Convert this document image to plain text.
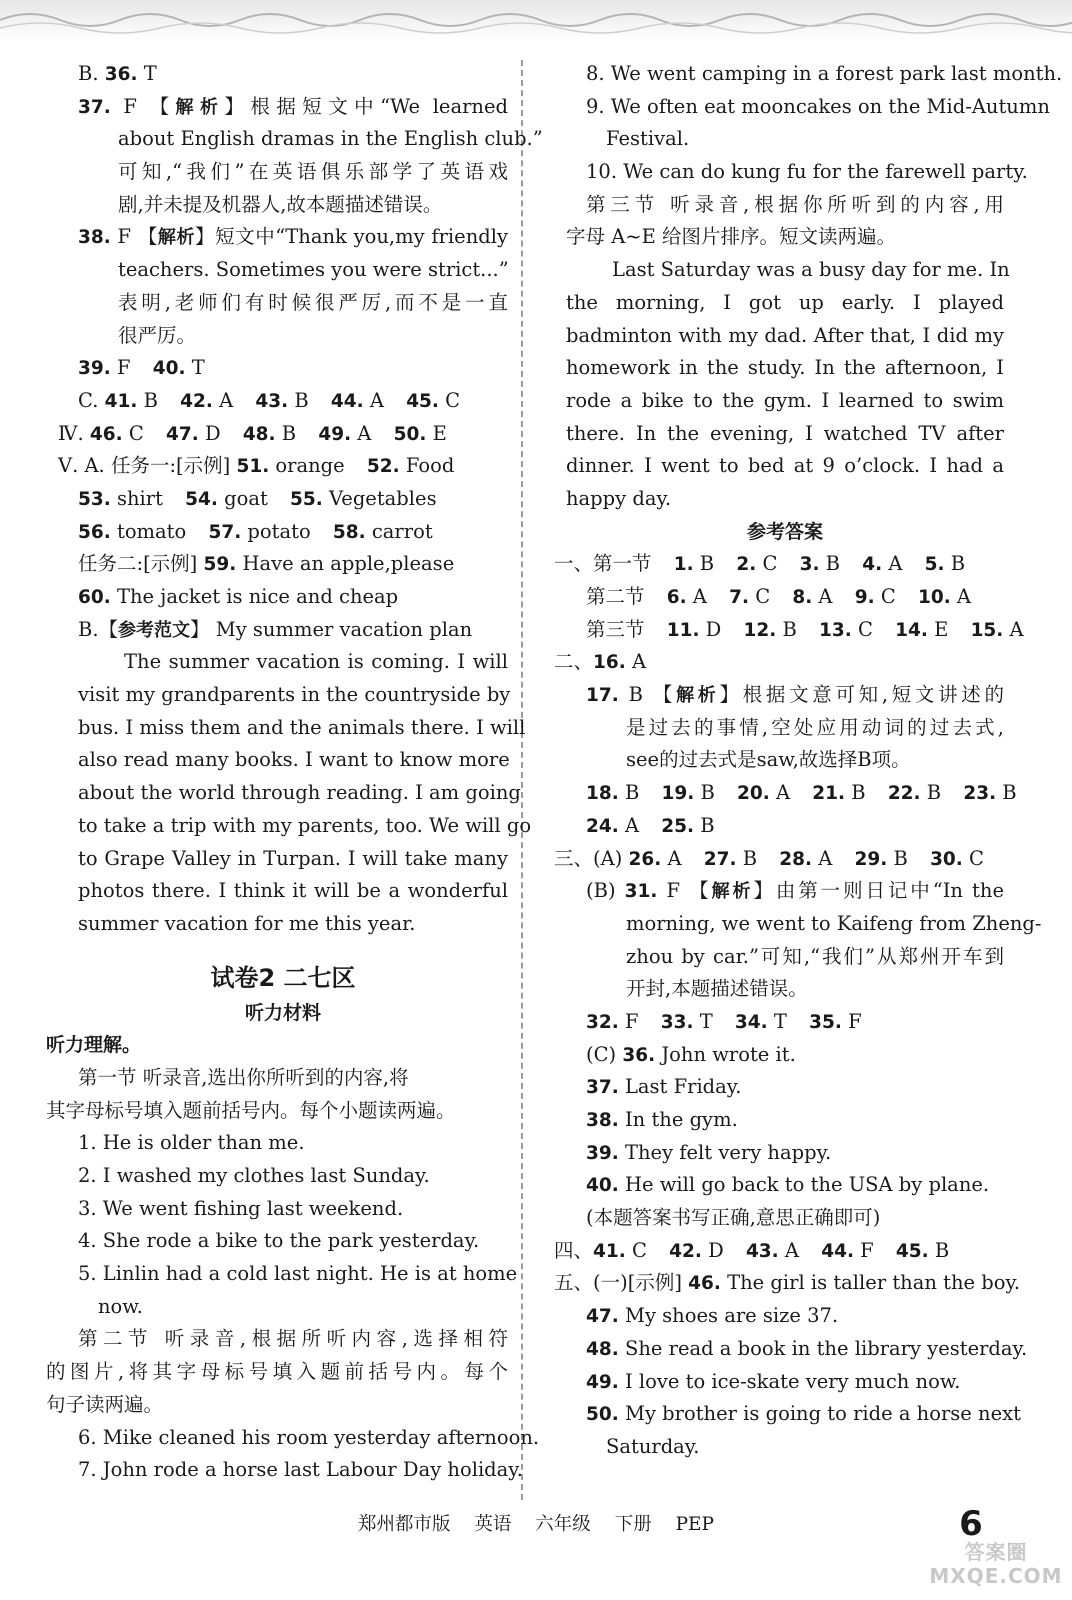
B. 36. T
37. F 【解析】根据短文中“We learned
about English dramas in the English club.”
可知,“我们”在英语俱乐部学了英语戏
剧,并未提及机器人,故本题描述错误。
38. F 【解析】短文中“Thank you,my friendly
teachers. Sometimes you were strict...”
表明,老师们有时候很严厉,而不是一直
很严厉。
39. F 40. T
C. 41. B 42. A 43. B 44. A 45. C
Ⅳ. 46. C 47. D 48. B 49. A 50. E
Ⅴ. A. 任务一:[示例] 51. orange 52. Food
53. shirt 54. goat 55. Vegetables
56. tomato 57. potato 58. carrot
任务二:[示例] 59. Have an apple,please
60. The jacket is nice and cheap
B.【参考范文】 My summer vacation plan
The summer vacation is coming. I will
visit my grandparents in the countryside by
bus. I miss them and the animals there. I will
also read many books. I want to know more
about the world through reading. I am going
to take a trip with my parents, too. We will go
to Grape Valley in Turpan. I will take many
photos there. I think it will be a wonderful
summer vacation for me this year.
试卷2 二七区
听力材料
听力理解。
第一节 听录音,选出你所听到的内容,将
其字母标号填入题前括号内。每个小题读两遍。
1. He is older than me.
2. I washed my clothes last Sunday.
3. We went fishing last weekend.
4. She rode a bike to the park yesterday.
5. Linlin had a cold last night. He is at home
now.
第二节 听录音,根据所听内容,选择相符
的图片,将其字母标号填入题前括号内。每个
句子读两遍。
6. Mike cleaned his room yesterday afternoon.
7. John rode a horse last Labour Day holiday.
8. We went camping in a forest park last month.
9. We often eat mooncakes on the Mid-Autumn
Festival.
10. We can do kung fu for the farewell party.
第三节 听录音,根据你所听到的内容,用
字母 A~E 给图片排序。短文读两遍。
Last Saturday was a busy day for me. In
the morning, I got up early. I played
badminton with my dad. After that, I did my
homework in the study. In the afternoon, I
rode a bike to the gym. I learned to swim
there. In the evening, I watched TV after
dinner. I went to bed at 9 o’clock. I had a
happy day.
参考答案
一、第一节 1. B 2. C 3. B 4. A 5. B
第二节 6. A 7. C 8. A 9. C 10. A
第三节 11. D 12. B 13. C 14. E 15. A
二、16. A
17. B 【解析】根据文意可知,短文讲述的
是过去的事情,空处应用动词的过去式,
see的过去式是saw,故选择B项。
18. B 19. B 20. A 21. B 22. B 23. B
24. A 25. B
三、(A) 26. A 27. B 28. A 29. B 30. C
(B) 31. F 【解析】由第一则日记中“In the
morning, we went to Kaifeng from Zheng-
zhou by car.”可知,“我们”从郑州开车到
开封,本题描述错误。
32. F 33. T 34. T 35. F
(C) 36. John wrote it.
37. Last Friday.
38. In the gym.
39. They felt very happy.
40. He will go back to the USA by plane.
(本题答案书写正确,意思正确即可)
四、41. C 42. D 43. A 44. F 45. B
五、(一)[示例] 46. The girl is taller than the boy.
47. My shoes are size 37.
48. She read a book in the library yesterday.
49. I love to ice-skate very much now.
50. My brother is going to ride a horse next
Saturday.
郑州都市版 英语 六年级 下册 PEP	6
答案圈
MXQE.COM
